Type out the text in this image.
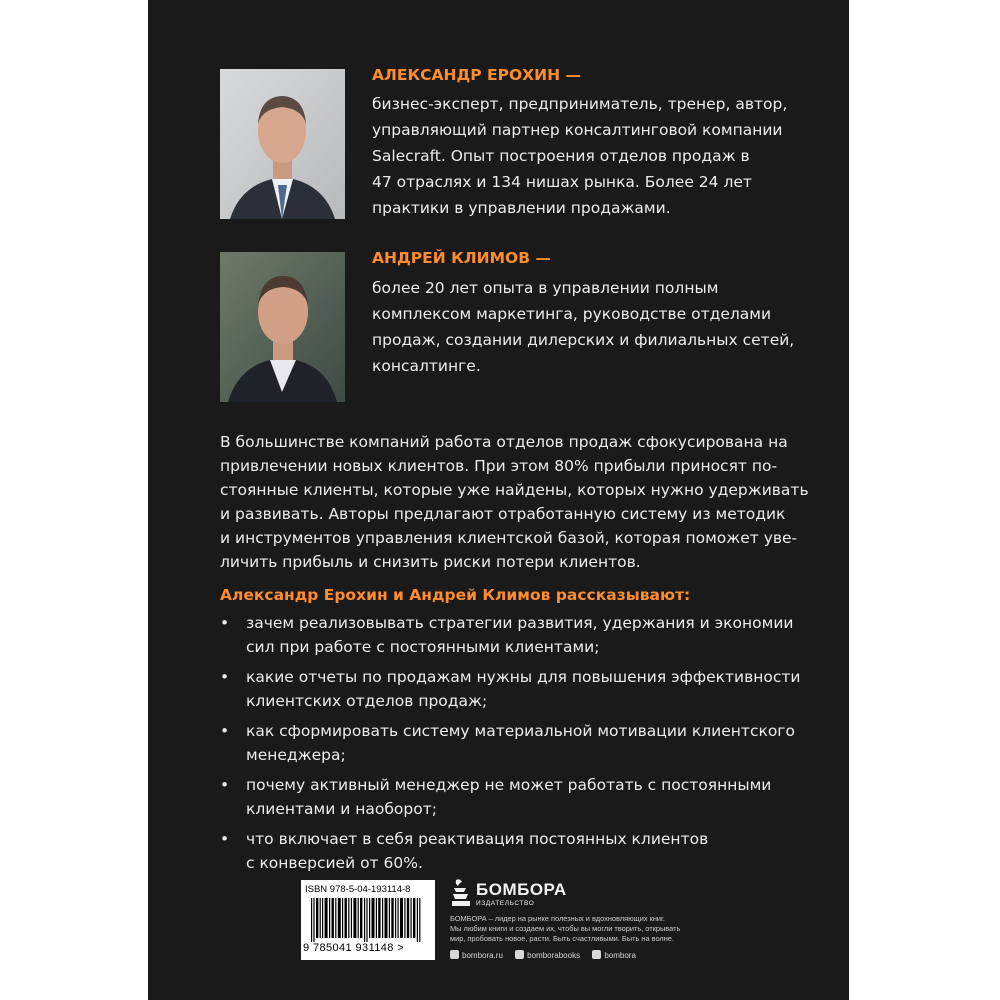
АЛЕКСАНДР ЕРОХИН —

бизнес-эксперт, предприниматель, тренер, автор,

управляющий партнер консалтинговой компании

Salecraft. Опыт построения отделов продаж в

47 отраслях и 134 нишах рынка. Более 24 лет

практики в управлении продажами.

АНДРЕЙ КЛИМОВ —

более 20 лет опыта в управлении полным

комплексом маркетинга, руководстве отделами

продаж, создании дилерских и филиальных сетей,

консалтинге.

В большинстве компаний работа отделов продаж сфокусирована на

привлечении новых клиентов. При этом 80% прибыли приносят по-

стоянные клиенты, которые уже найдены, которых нужно удерживать

и развивать. Авторы предлагают отработанную систему из методик

и инструментов управления клиентской базой, которая поможет уве-

личить прибыль и снизить риски потери клиентов.

Александр Ерохин и Андрей Климов рассказывают:
• зачем реализовывать стратегии развития, удержания и экономии

сил при работе с постоянными клиентами;

• какие отчеты по продажам нужны для повышения эффективности

клиентских отделов продаж;

• как сформировать систему материальной мотивации клиентского

менеджера;

• почему активный менеджер не может работать с постоянными

клиентами и наоборот;

• что включает в себя реактивация постоянных клиентов

с конверсией от 60%.

ISBN 978-5-04-193114-8
9 785041 931148 >
БОМБОРА
ИЗДАТЕЛЬСТВО

БОМБОРА – лидер на рынке полезных и вдохновляющих книг.

Мы любим книги и создаем их, чтобы вы могли творить, открывать

мир, пробовать новое, расти. Быть счастливыми. Быть на волне.

bombora.ru	bomborabooks	bombora
